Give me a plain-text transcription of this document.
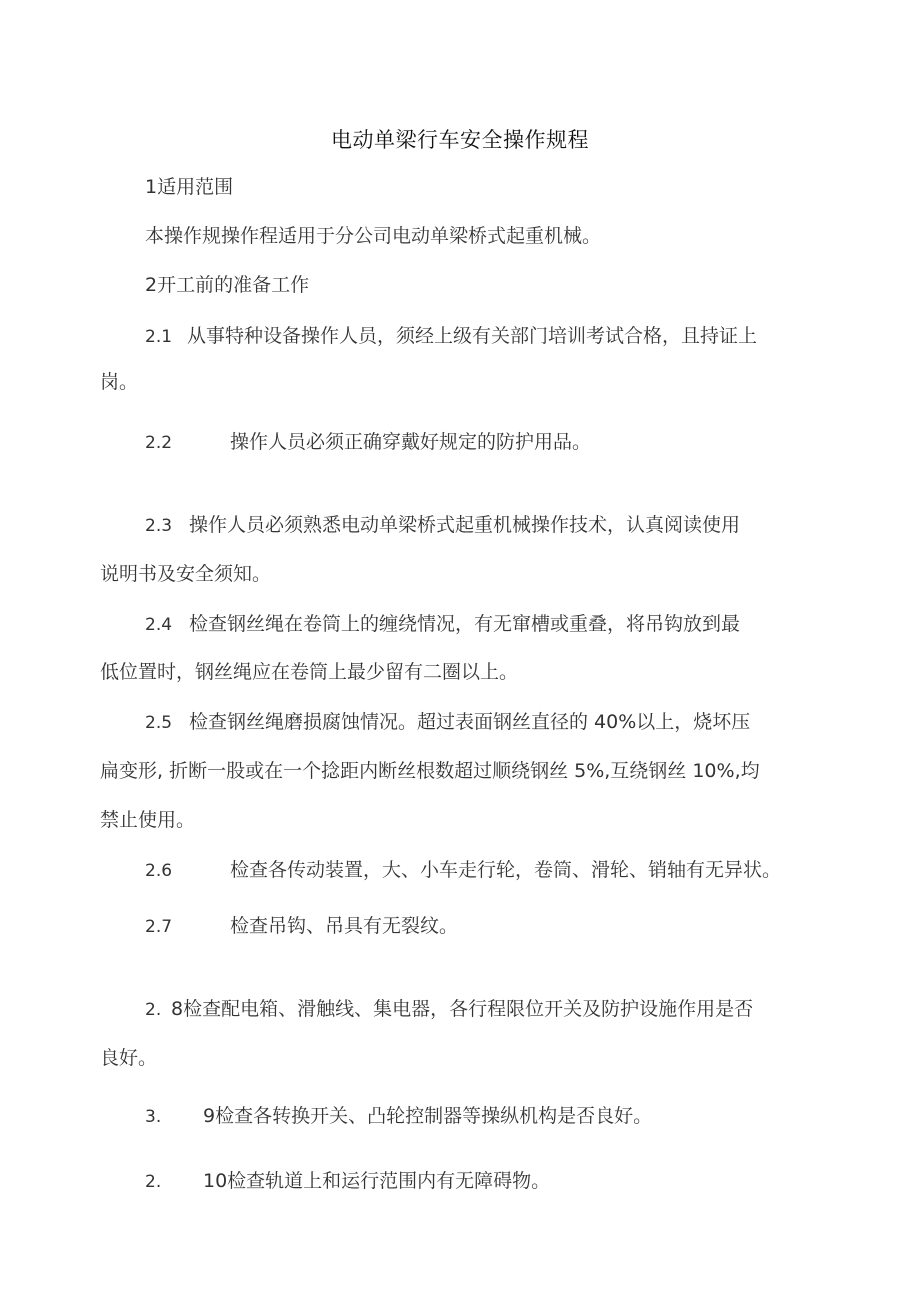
电动单梁行车安全操作规程
1适用范围
本操作规操作程适用于分公司电动单梁桥式起重机械。
2开工前的准备工作
2.1 从事特种设备操作人员，须经上级有关部门培训考试合格，且持证上
岗。
2.2	操作人员必须正确穿戴好规定的防护用品。
2.3 操作人员必须熟悉电动单梁桥式起重机械操作技术，认真阅读使用
说明书及安全须知。
2.4 检查钢丝绳在卷筒上的缠绕情况，有无窜槽或重叠，将吊钩放到最
低位置时，钢丝绳应在卷筒上最少留有二圈以上。
2.5 检查钢丝绳磨损腐蚀情况。超过表面钢丝直径的 40%以上，烧坏压
扁变形, 折断一股或在一个捻距内断丝根数超过顺绕钢丝 5%,互绕钢丝 10%,均
禁止使用。
2.6	检查各传动装置，大、小车走行轮，卷筒、滑轮、销轴有无异状。
2.7	检查吊钩、吊具有无裂纹。
2. 8检查配电箱、滑触线、集电器，各行程限位开关及防护设施作用是否
良好。
3. 9检查各转换开关、凸轮控制器等操纵机构是否良好。
2. 10检查轨道上和运行范围内有无障碍物。
